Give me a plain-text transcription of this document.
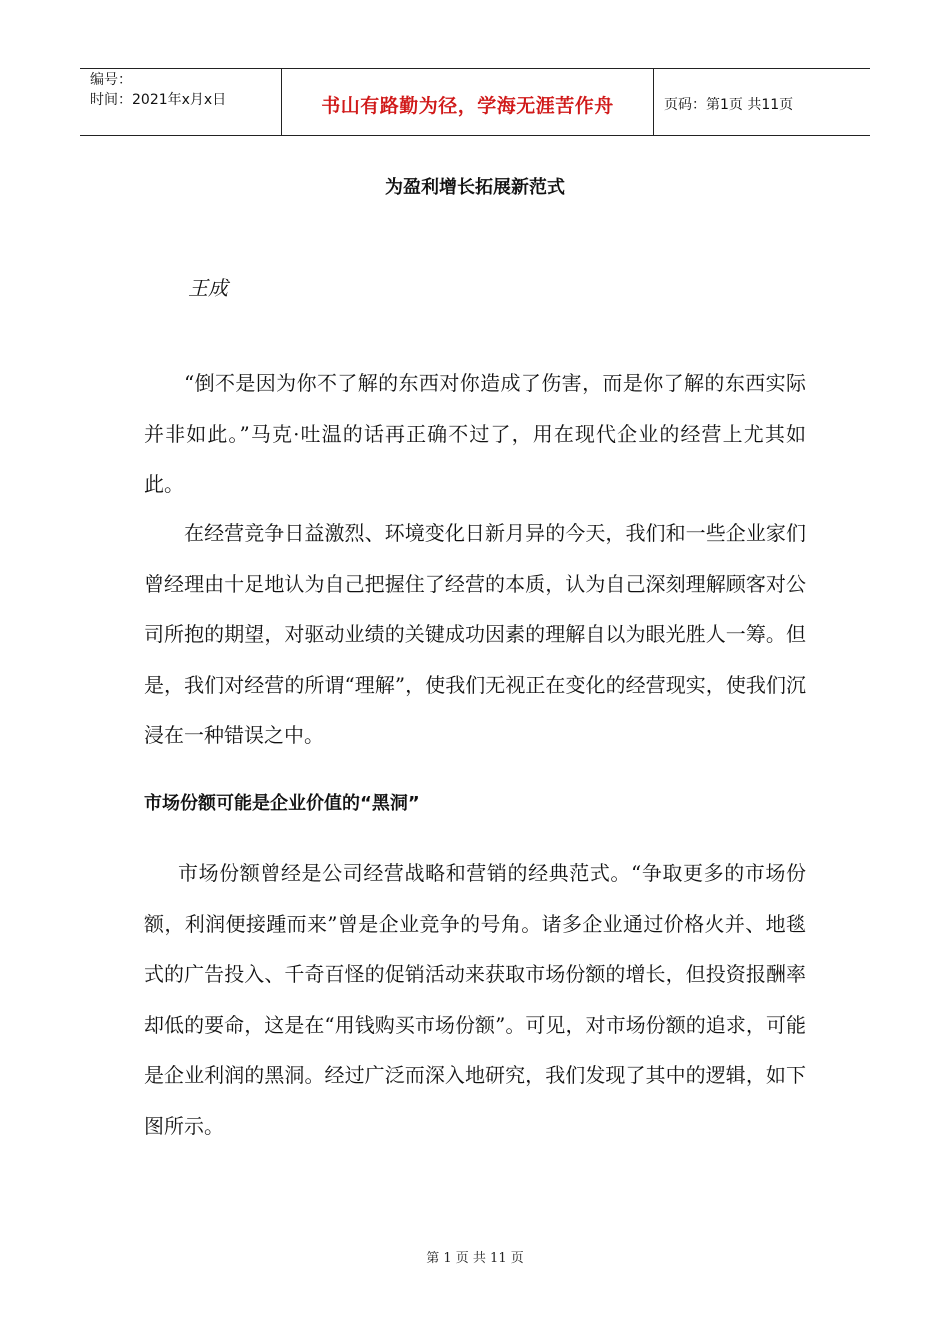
编号：
时间：2021年x月x日	书山有路勤为径，学海无涯苦作舟	页码：第1页 共11页
为盈利增长拓展新范式
王成

“倒不是因为你不了解的东西对你造成了伤害，而是你了解的东西实际并非如此。”马克·吐温的话再正确不过了，用在现代企业的经营上尤其如此。

在经营竞争日益激烈、环境变化日新月异的今天，我们和一些企业家们曾经理由十足地认为自己把握住了经营的本质，认为自己深刻理解顾客对公司所抱的期望，对驱动业绩的关键成功因素的理解自以为眼光胜人一筹。但是，我们对经营的所谓“理解”，使我们无视正在变化的经营现实，使我们沉浸在一种错误之中。

市场份额可能是企业价值的“黑洞”

市场份额曾经是公司经营战略和营销的经典范式。“争取更多的市场份额，利润便接踵而来”曾是企业竞争的号角。诸多企业通过价格火并、地毯式的广告投入、千奇百怪的促销活动来获取市场份额的增长，但投资报酬率却低的要命，这是在“用钱购买市场份额”。可见，对市场份额的追求，可能是企业利润的黑洞。经过广泛而深入地研究，我们发现了其中的逻辑，如下图所示。

第 1 页 共 11 页
